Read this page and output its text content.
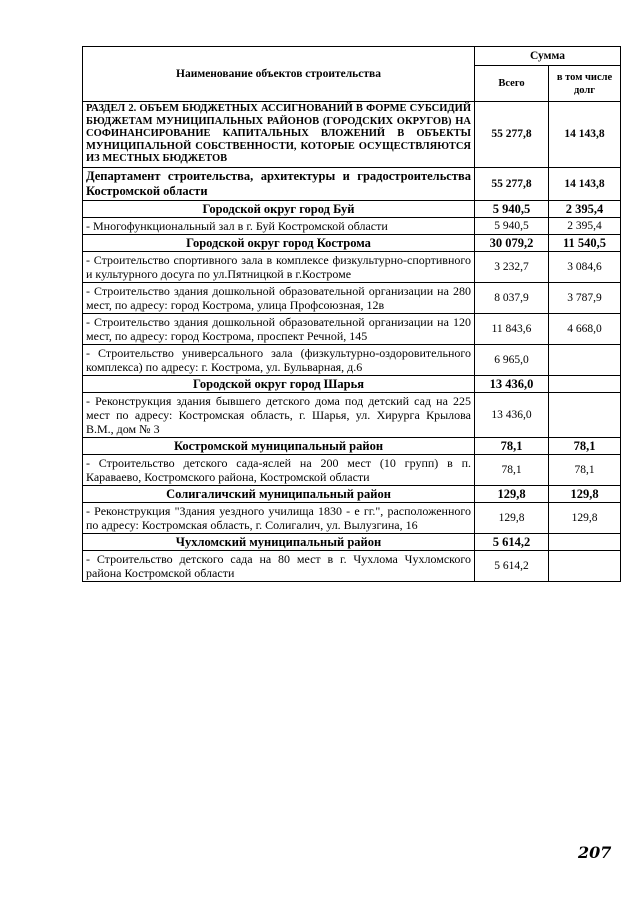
Наименование объектов строительства	Сумма	
	Всего	в том числе долг
РАЗДЕЛ 2. ОБЪЕМ БЮДЖЕТНЫХ АССИГНОВАНИЙ В ФОРМЕ СУБСИДИЙ БЮДЖЕТАМ МУНИЦИПАЛЬНЫХ РАЙОНОВ (ГОРОДСКИХ ОКРУГОВ) НА СОФИНАНСИРОВАНИЕ КАПИТАЛЬНЫХ ВЛОЖЕНИЙ В ОБЪЕКТЫ МУНИЦИПАЛЬНОЙ СОБСТВЕННОСТИ, КОТОРЫЕ ОСУЩЕСТВЛЯЮТСЯ ИЗ МЕСТНЫХ БЮДЖЕТОВ	55 277,8	14 143,8
Департамент строительства, архитектуры и градостроительства Костромской области	55 277,8	14 143,8
Городской округ город Буй	5 940,5	2 395,4
- Многофункциональный зал в г. Буй Костромской области	5 940,5	2 395,4
Городской округ город Кострома	30 079,2	11 540,5
- Строительство спортивного зала в комплексе физкультурно-спортивного и культурного досуга по ул.Пятницкой в г.Костроме	3 232,7	3 084,6
- Строительство здания дошкольной образовательной организации на 280 мест, по адресу: город Кострома, улица Профсоюзная, 12в	8 037,9	3 787,9
- Строительство здания дошкольной образовательной организации на 120 мест, по адресу: город Кострома, проспект Речной, 145	11 843,6	4 668,0
- Строительство универсального зала (физкультурно-оздоровительного комплекса) по адресу: г. Кострома, ул. Бульварная, д.6	6 965,0	
Городской округ город Шарья	13 436,0	
- Реконструкция здания бывшего детского дома под детский сад на 225 мест по адресу: Костромская область, г. Шарья, ул. Хирурга Крылова В.М., дом № 3	13 436,0	
Костромской муниципальный район	78,1	78,1
- Строительство детского сада-яслей на 200 мест (10 групп) в п. Караваево, Костромского района, Костромской области	78,1	78,1
Солигаличский муниципальный район	129,8	129,8
- Реконструкция "Здания уездного училища 1830 - е гг.", расположенного по адресу: Костромская область, г. Солигалич, ул. Вылузгина, 16	129,8	129,8
Чухломский муниципальный район	5 614,2	
- Строительство детского сада на 80 мест в г. Чухлома Чухломского района Костромской области	5 614,2	
207
